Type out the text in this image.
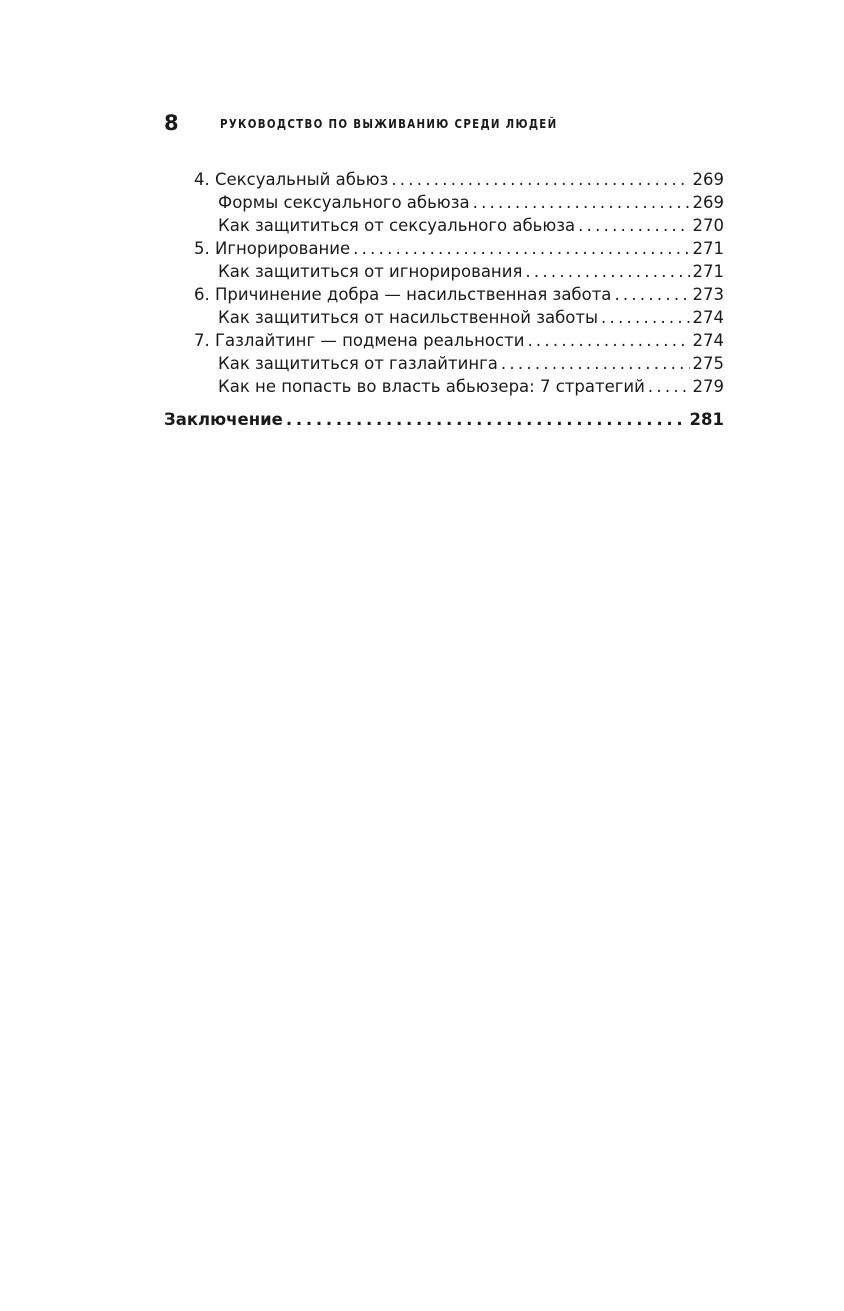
8	РУКОВОДСТВО ПО ВЫЖИВАНИЮ СРЕДИ ЛЮДЕЙ
4. Сексуальный абьюз . . .	269
Формы сексуального абьюза . . .	269
Как защититься от сексуального абьюза . . .	270
5. Игнорирование . . .	271
Как защититься от игнорирования . . .	271
6. Причинение добра — насильственная забота . . .	273
Как защититься от насильственной заботы . . .	274
7. Газлайтинг — подмена реальности . . .	274
Как защититься от газлайтинга . . .	275
Как не попасть во власть абьюзера: 7 стратегий . . .	279
Заключение . . .	281
